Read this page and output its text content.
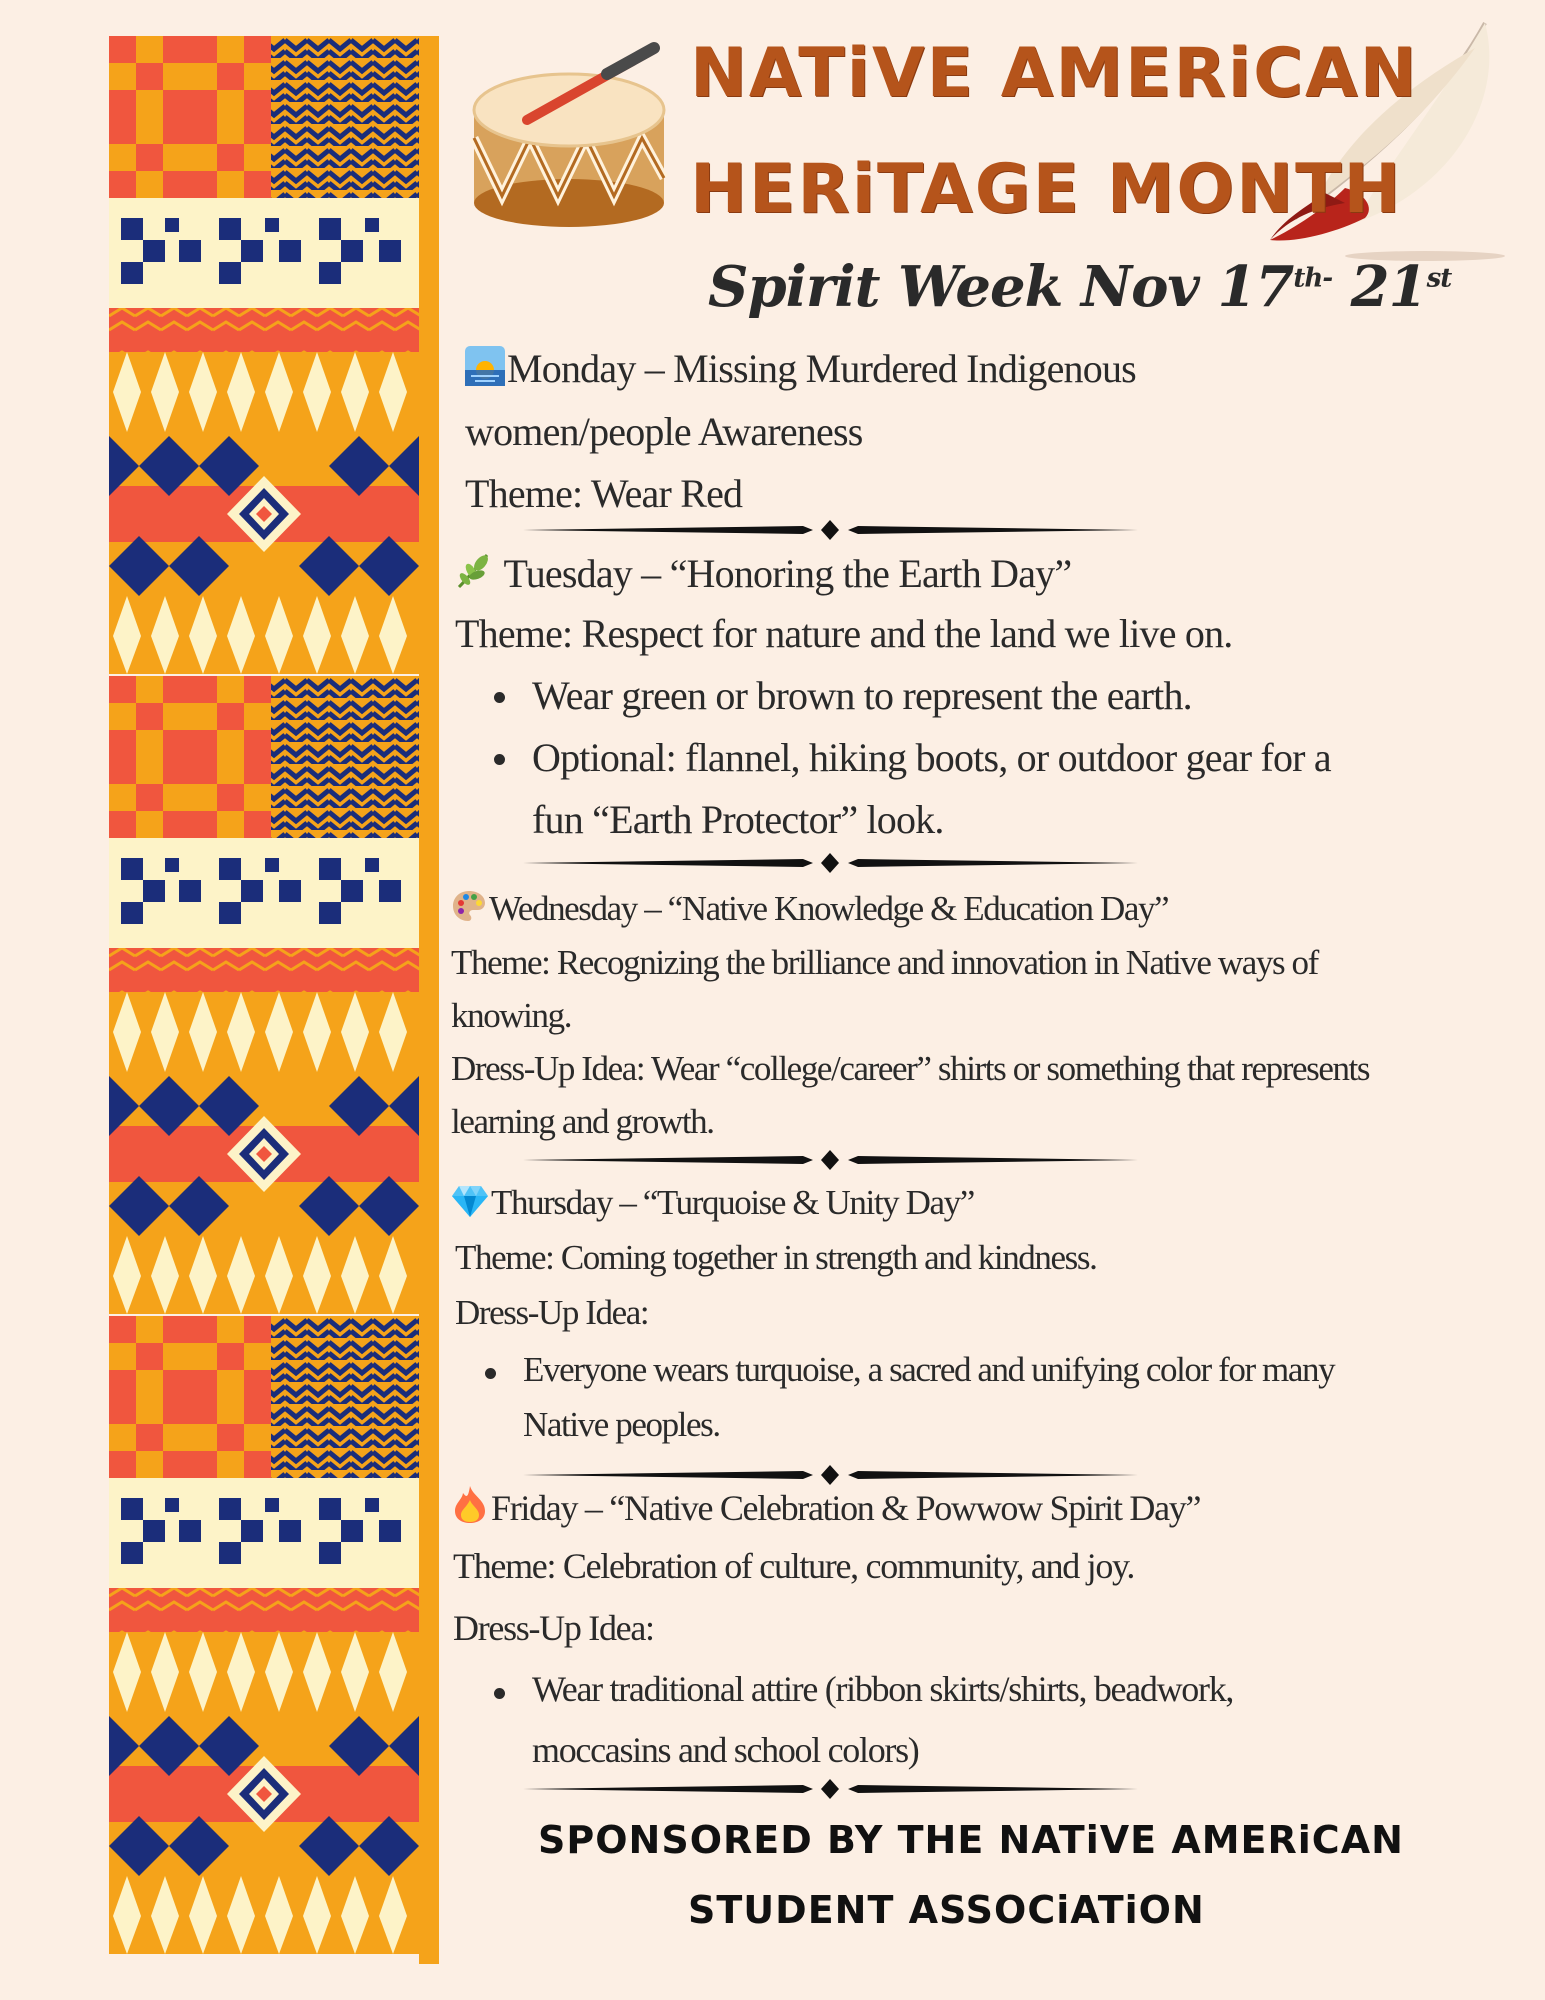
NATiVE AMERiCAN
HERiTAGE MONTH
Spirit Week Nov $17^{th-}$ 21st

Monday – Missing Murdered Indigenous

women/people Awareness

Theme: Wear Red

Tuesday – “Honoring the Earth Day”

Theme: Respect for nature and the land we live on.

Wear green or brown to represent the earth.

Optional: flannel, hiking boots, or outdoor gear for a

fun “Earth Protector” look.

Wednesday – “Native Knowledge & Education Day”

Theme: Recognizing the brilliance and innovation in Native ways of

knowing.

Dress-Up Idea: Wear “college/career” shirts or something that represents

learning and growth.

Thursday – “Turquoise & Unity Day”

Theme: Coming together in strength and kindness.

Dress-Up Idea:

Everyone wears turquoise, a sacred and unifying color for many

Native peoples.

Friday – “Native Celebration & Powwow Spirit Day”

Theme: Celebration of culture, community, and joy.

Dress-Up Idea:

Wear traditional attire (ribbon skirts/shirts, beadwork,

moccasins and school colors)

SPONSORED BY THE NATiVE AMERiCAN

STUDENT ASSOCiATiON
